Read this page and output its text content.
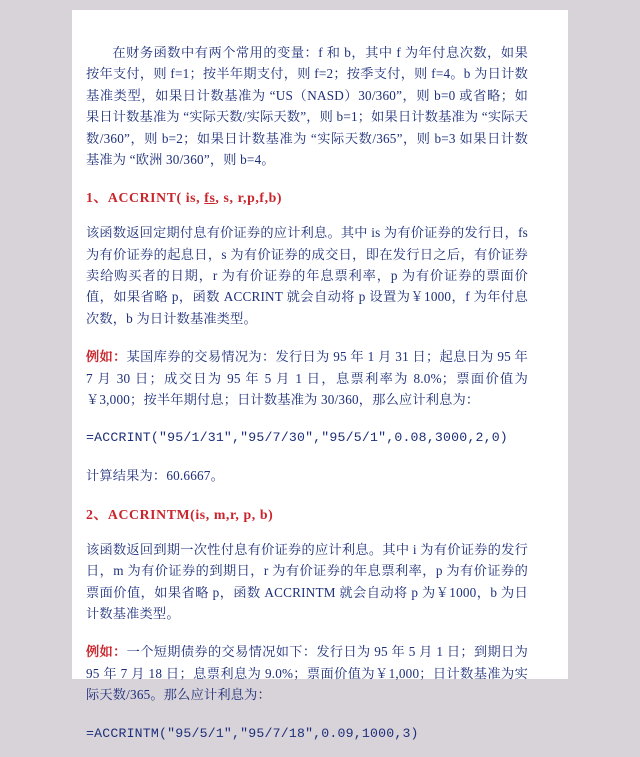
在财务函数中有两个常用的变量：f 和 b，其中 f 为年付息次数，如果按年支付，则 f=1；按半年期支付，则 f=2；按季支付，则 f=4。b 为日计数基准类型，如果日计数基准为 “US（NASD）30/360”，则 b=0 或省略；如果日计数基准为 “实际天数/实际天数”，则 b=1；如果日计数基准为 “实际天数/360”，则 b=2；如果日计数基准为 “实际天数/365”，则 b=3 如果日计数基准为 “欧洲 30/360”，则 b=4。

1、ACCRINT( is, fs, s, r,p,f,b)

该函数返回定期付息有价证券的应计利息。其中 is 为有价证券的发行日，fs 为有价证券的起息日，s 为有价证券的成交日，即在发行日之后，有价证券卖给购买者的日期，r 为有价证券的年息票利率，p 为有价证券的票面价值，如果省略 p，函数 ACCRINT 就会自动将 p 设置为￥1000，f 为年付息次数，b 为日计数基准类型。

例如：某国库券的交易情况为：发行日为 95 年 1 月 31 日；起息日为 95 年 7 月 30 日；成交日为 95 年 5 月 1 日，息票利率为 8.0%；票面价值为￥3,000；按半年期付息；日计数基准为 30/360，那么应计利息为：

=ACCRINT("95/1/31","95/7/30","95/5/1",0.08,3000,2,0)

计算结果为：60.6667。

2、ACCRINTM(is, m,r, p, b)

该函数返回到期一次性付息有价证券的应计利息。其中 i 为有价证券的发行日，m 为有价证券的到期日，r 为有价证券的年息票利率，p 为有价证券的票面价值，如果省略 p，函数 ACCRINTM 就会自动将 p 为￥1000，b 为日计数基准类型。

例如：一个短期债券的交易情况如下：发行日为 95 年 5 月 1 日；到期日为 95 年 7 月 18 日；息票利息为 9.0%；票面价值为￥1,000；日计数基准为实际天数/365。那么应计利息为：

=ACCRINTM("95/5/1","95/7/18",0.09,1000,3)
